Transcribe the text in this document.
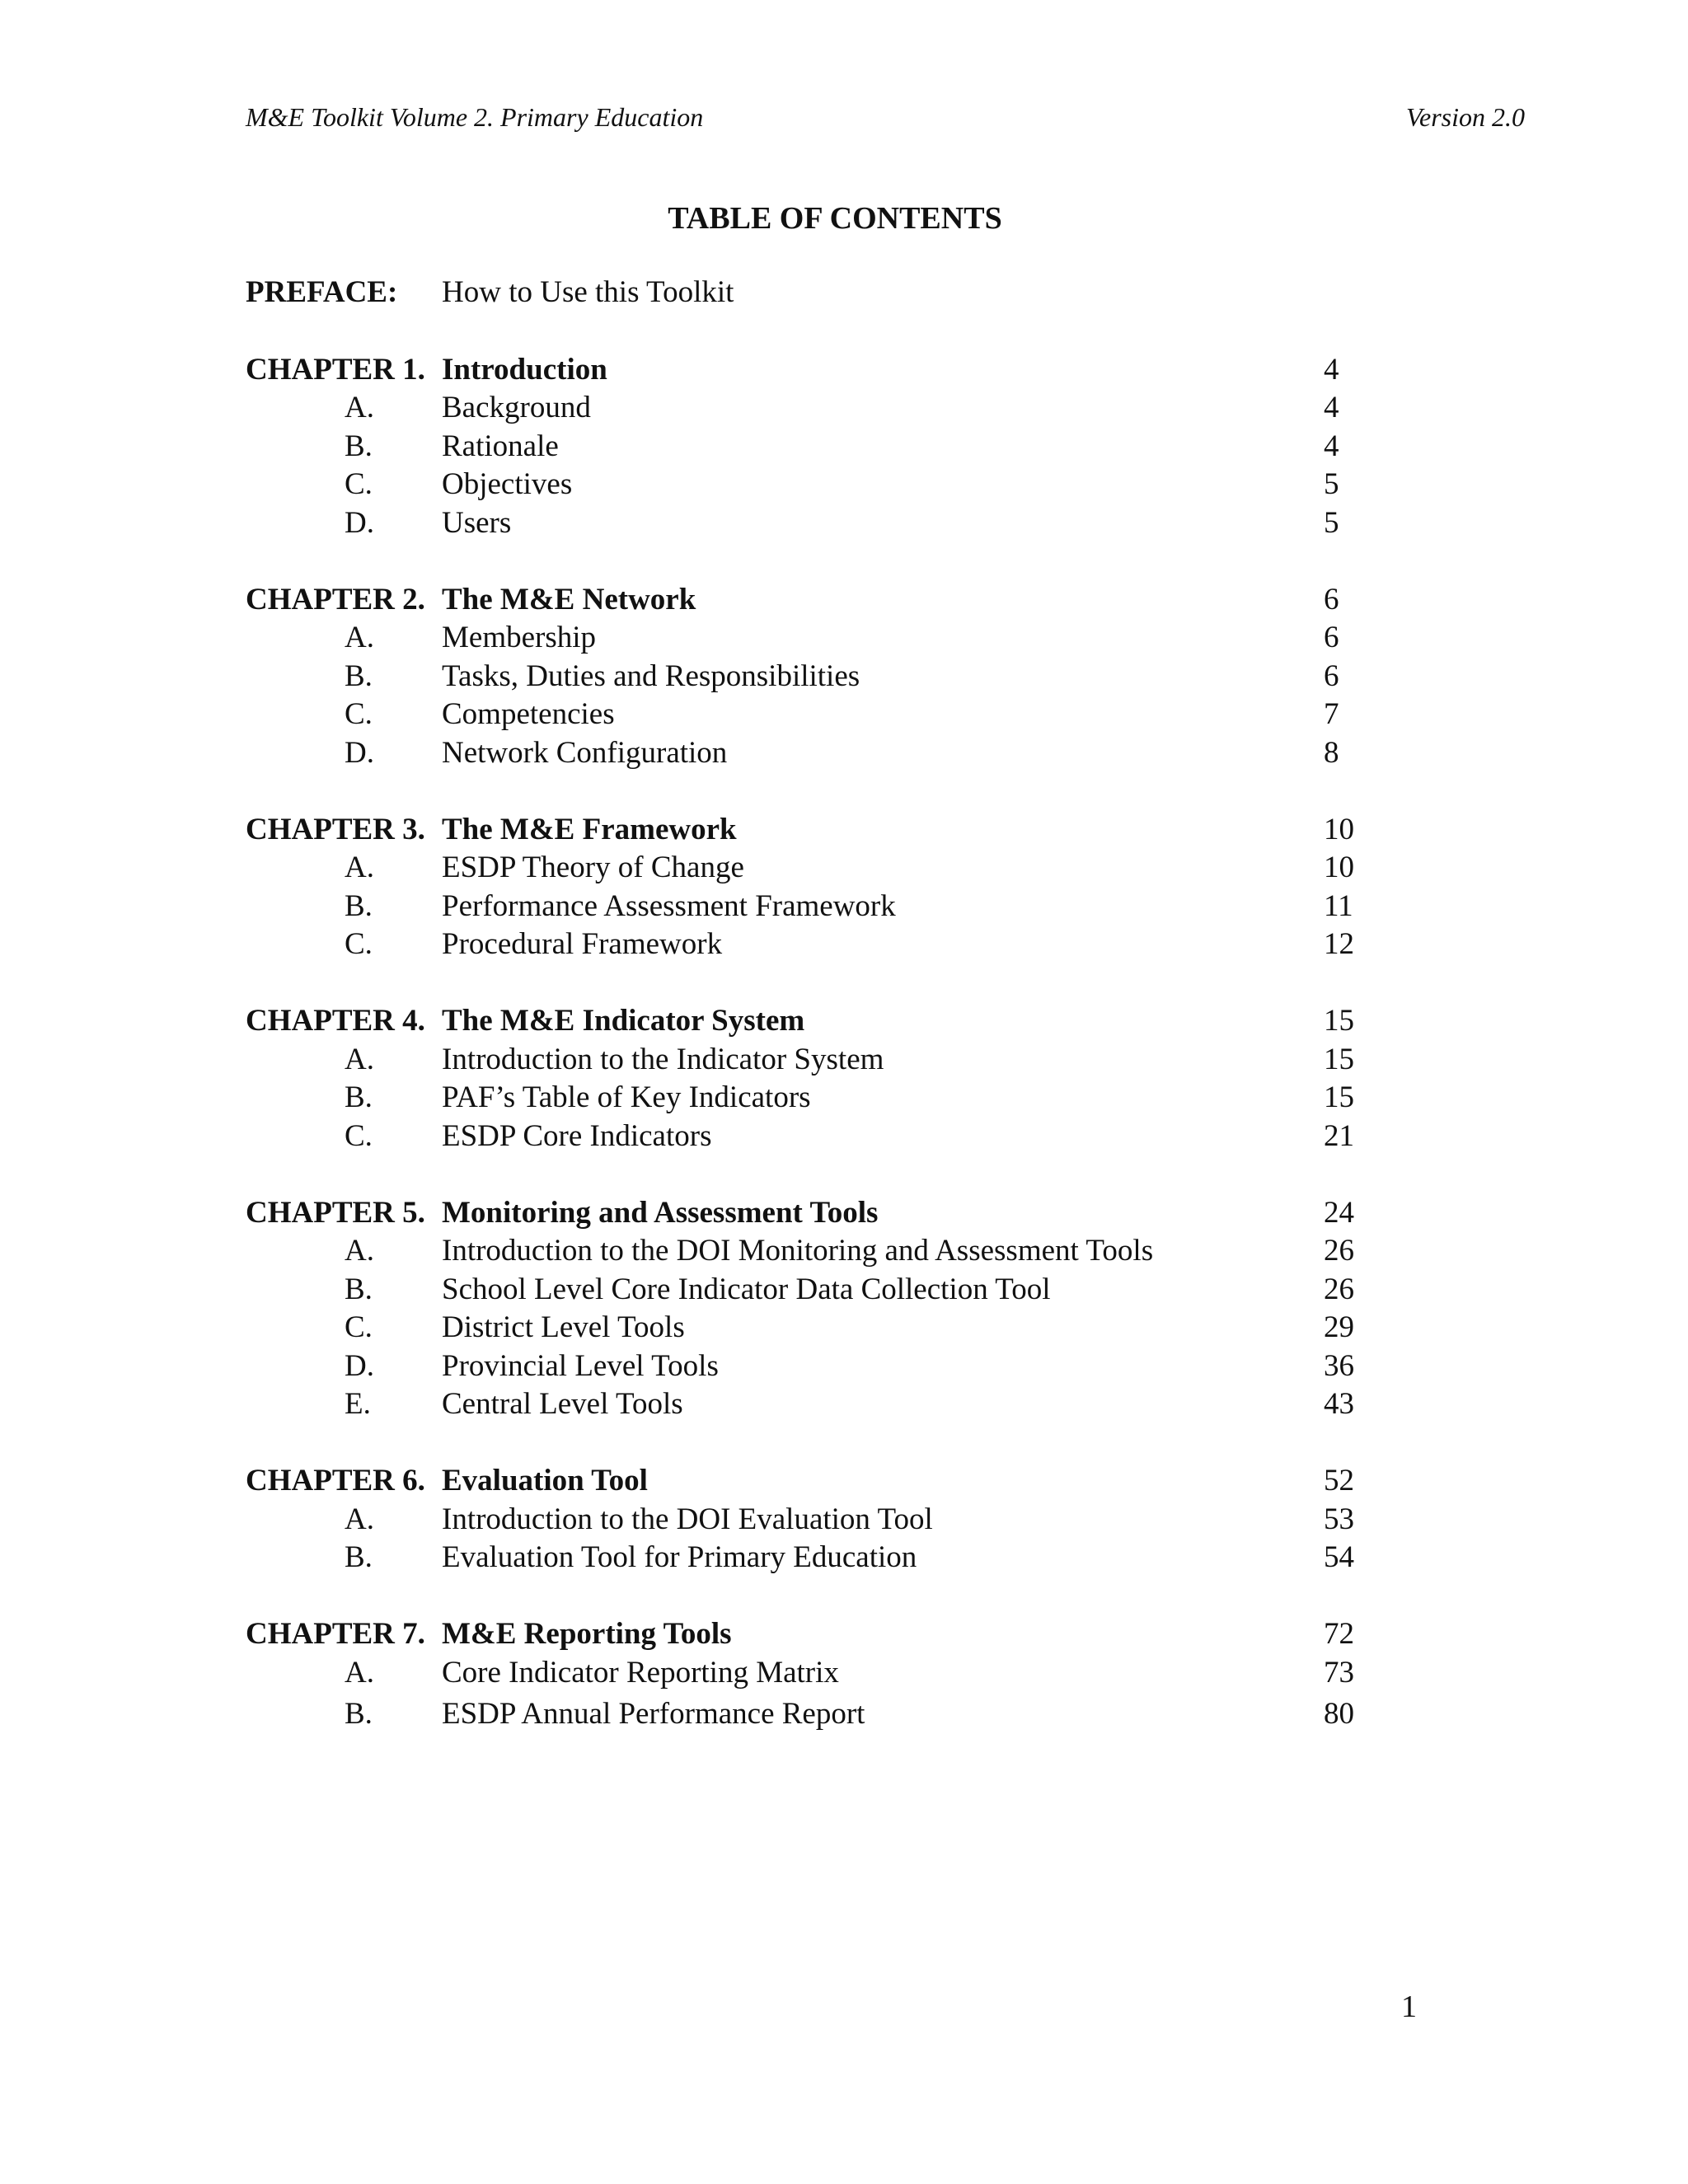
M&E Toolkit Volume 2. Primary Education	Version 2.0
TABLE OF CONTENTS
PREFACE: How to Use this Toolkit
CHAPTER 1. Introduction	4
A. Background	4
B. Rationale	4
C. Objectives	5
D. Users	5
CHAPTER 2. The M&E Network	6
A. Membership	6
B. Tasks, Duties and Responsibilities	6
C. Competencies	7
D. Network Configuration	8
CHAPTER 3. The M&E Framework	10
A. ESDP Theory of Change	10
B. Performance Assessment Framework	11
C. Procedural Framework	12
CHAPTER 4. The M&E Indicator System	15
A. Introduction to the Indicator System	15
B. PAF’s Table of Key Indicators	15
C. ESDP Core Indicators	21
CHAPTER 5. Monitoring and Assessment Tools	24
A. Introduction to the DOI Monitoring and Assessment Tools	26
B. School Level Core Indicator Data Collection Tool	26
C. District Level Tools	29
D. Provincial Level Tools	36
E. Central Level Tools	43
CHAPTER 6. Evaluation Tool	52
A. Introduction to the DOI Evaluation Tool	53
B. Evaluation Tool for Primary Education	54
CHAPTER 7. M&E Reporting Tools	72
A. Core Indicator Reporting Matrix	73
B. ESDP Annual Performance Report	80
1
